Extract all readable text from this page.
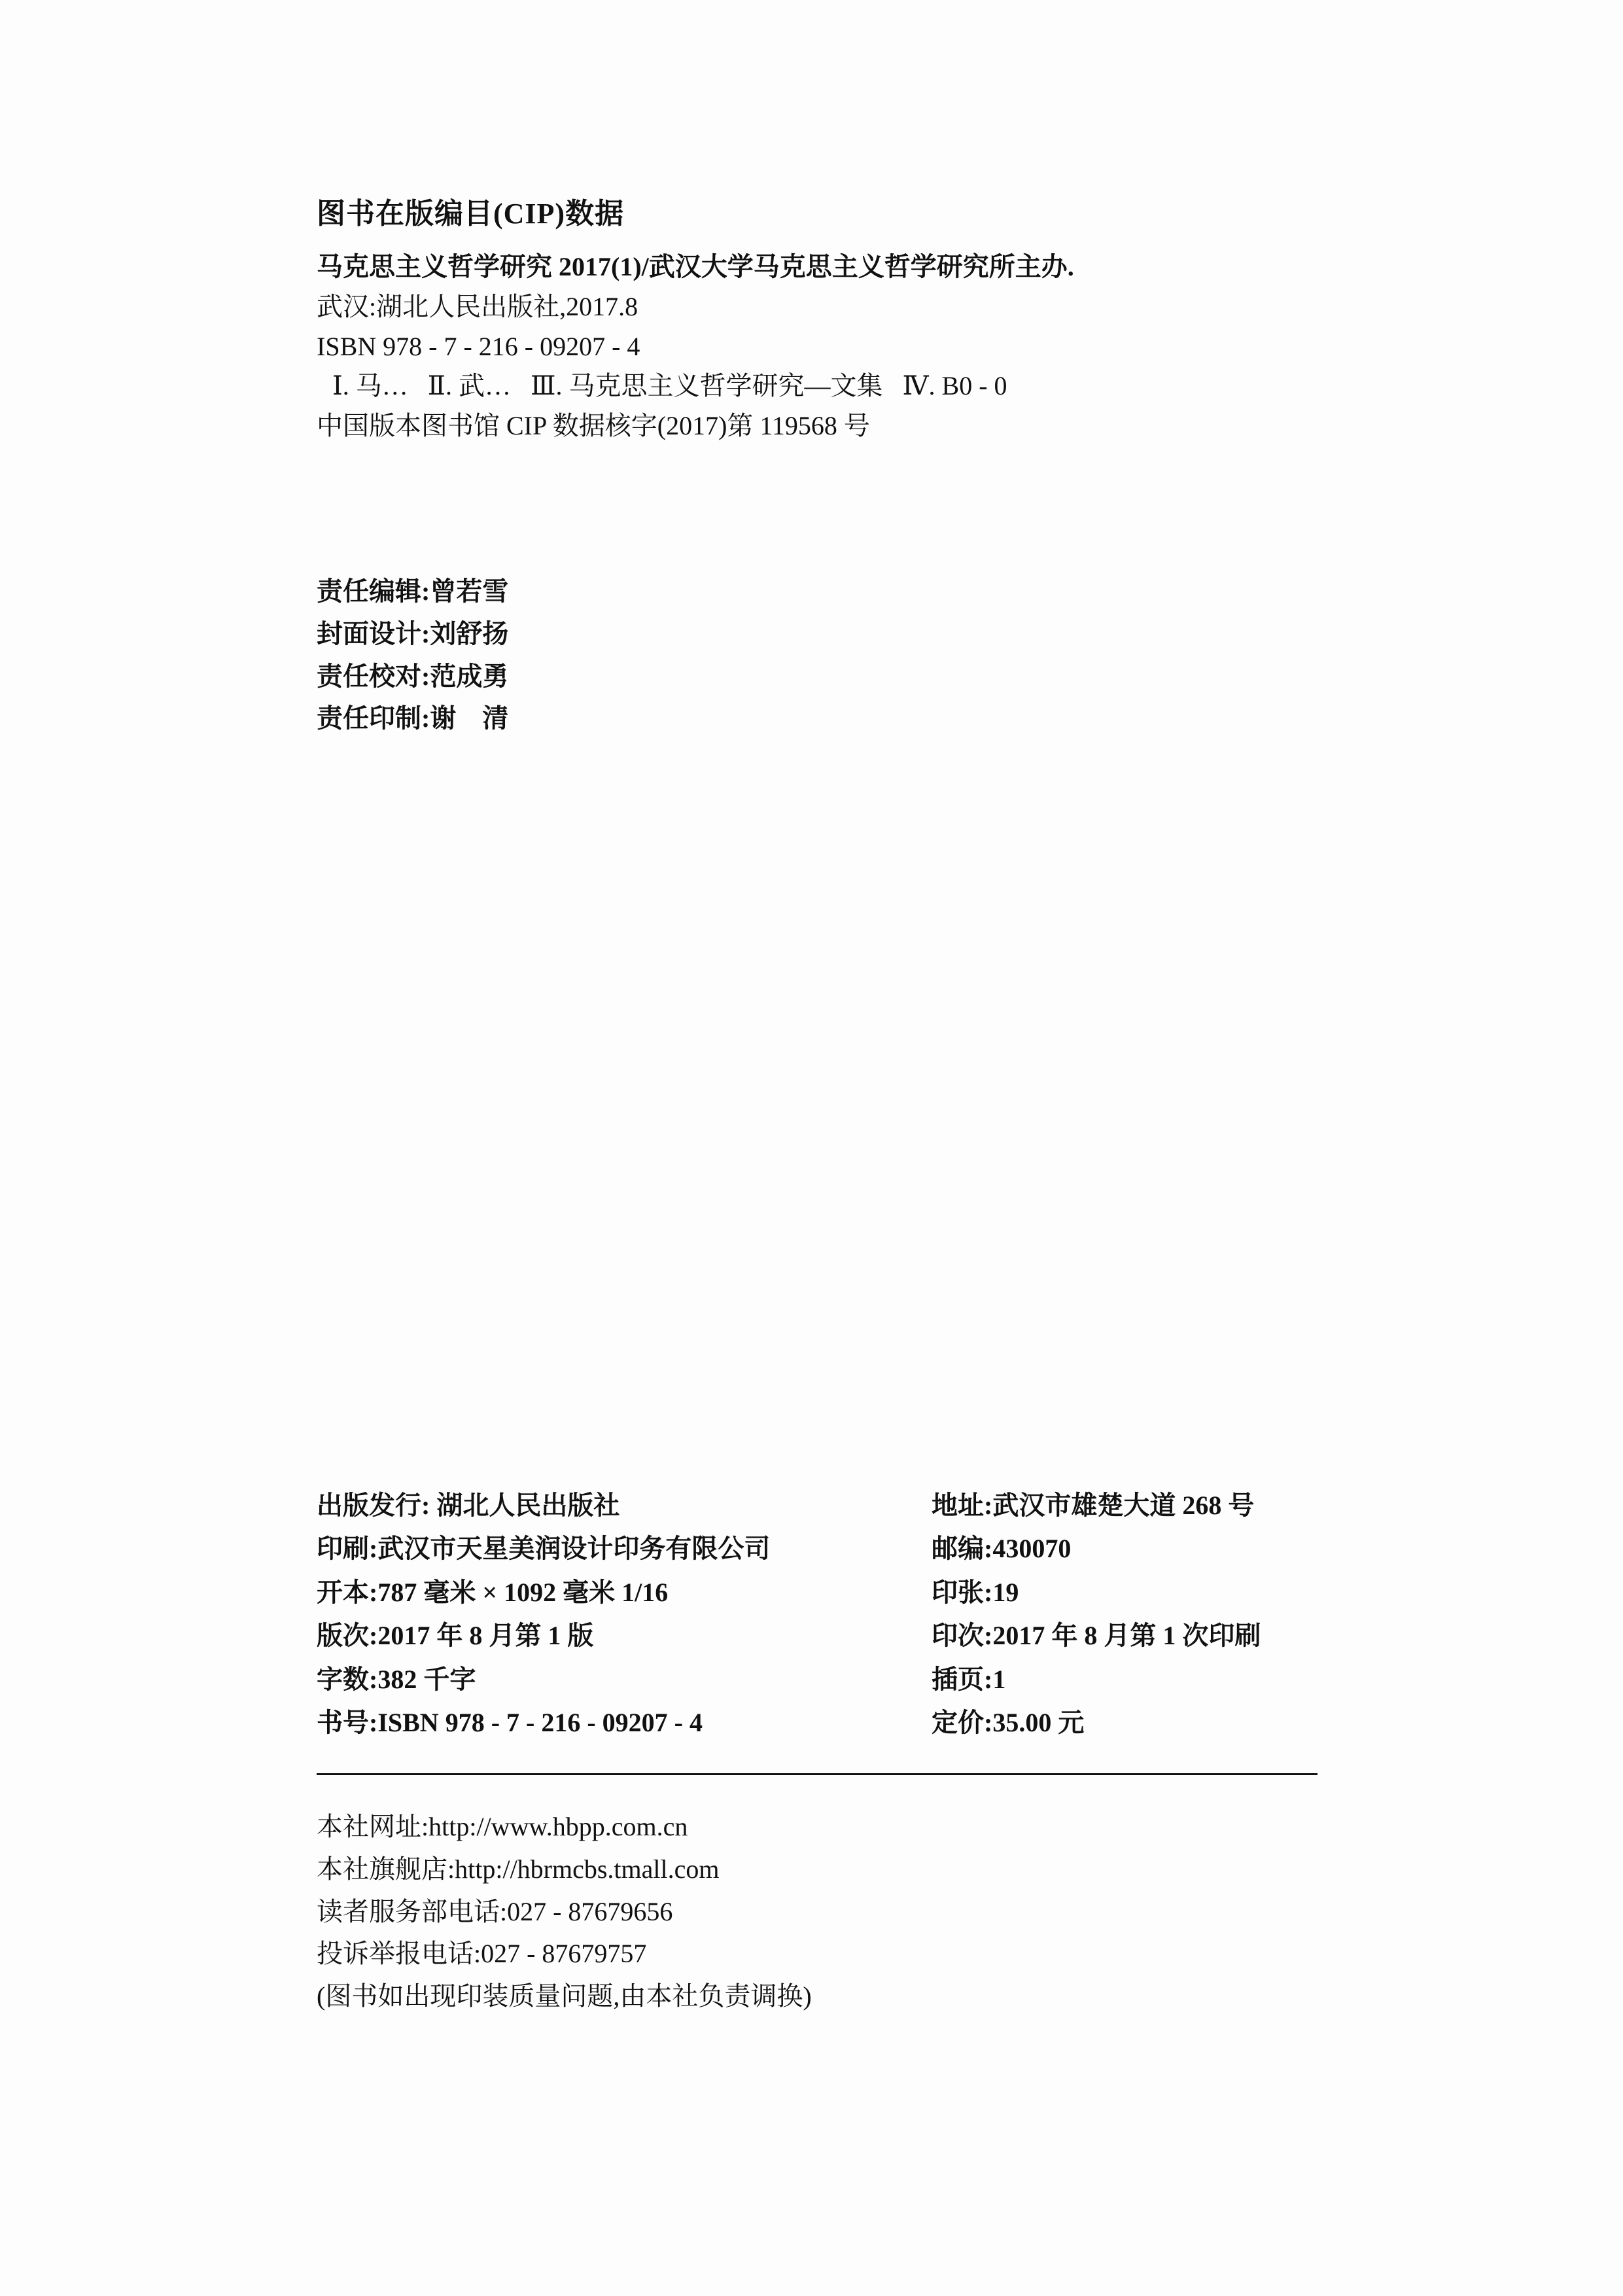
图书在版编目(CIP)数据
马克思主义哲学研究 2017(1)/武汉大学马克思主义哲学研究所主办.
武汉:湖北人民出版社,2017.8
ISBN 978 - 7 - 216 - 09207 - 4
Ⅰ. 马…   Ⅱ. 武…   Ⅲ. 马克思主义哲学研究—文集   Ⅳ. B0 - 0
中国版本图书馆 CIP 数据核字(2017)第 119568 号
责任编辑:曾若雪
封面设计:刘舒扬
责任校对:范成勇
责任印制:谢　清
出版发行: 湖北人民出版社	地址:武汉市雄楚大道 268 号
印刷:武汉市天星美润设计印务有限公司	邮编:430070
开本:787 毫米 × 1092 毫米 1/16	印张:19
版次:2017 年 8 月第 1 版	印次:2017 年 8 月第 1 次印刷
字数:382 千字	插页:1
书号:ISBN 978 - 7 - 216 - 09207 - 4	定价:35.00 元
本社网址:http://www.hbpp.com.cn
本社旗舰店:http://hbrmcbs.tmall.com
读者服务部电话:027 - 87679656
投诉举报电话:027 - 87679757
(图书如出现印装质量问题,由本社负责调换)
